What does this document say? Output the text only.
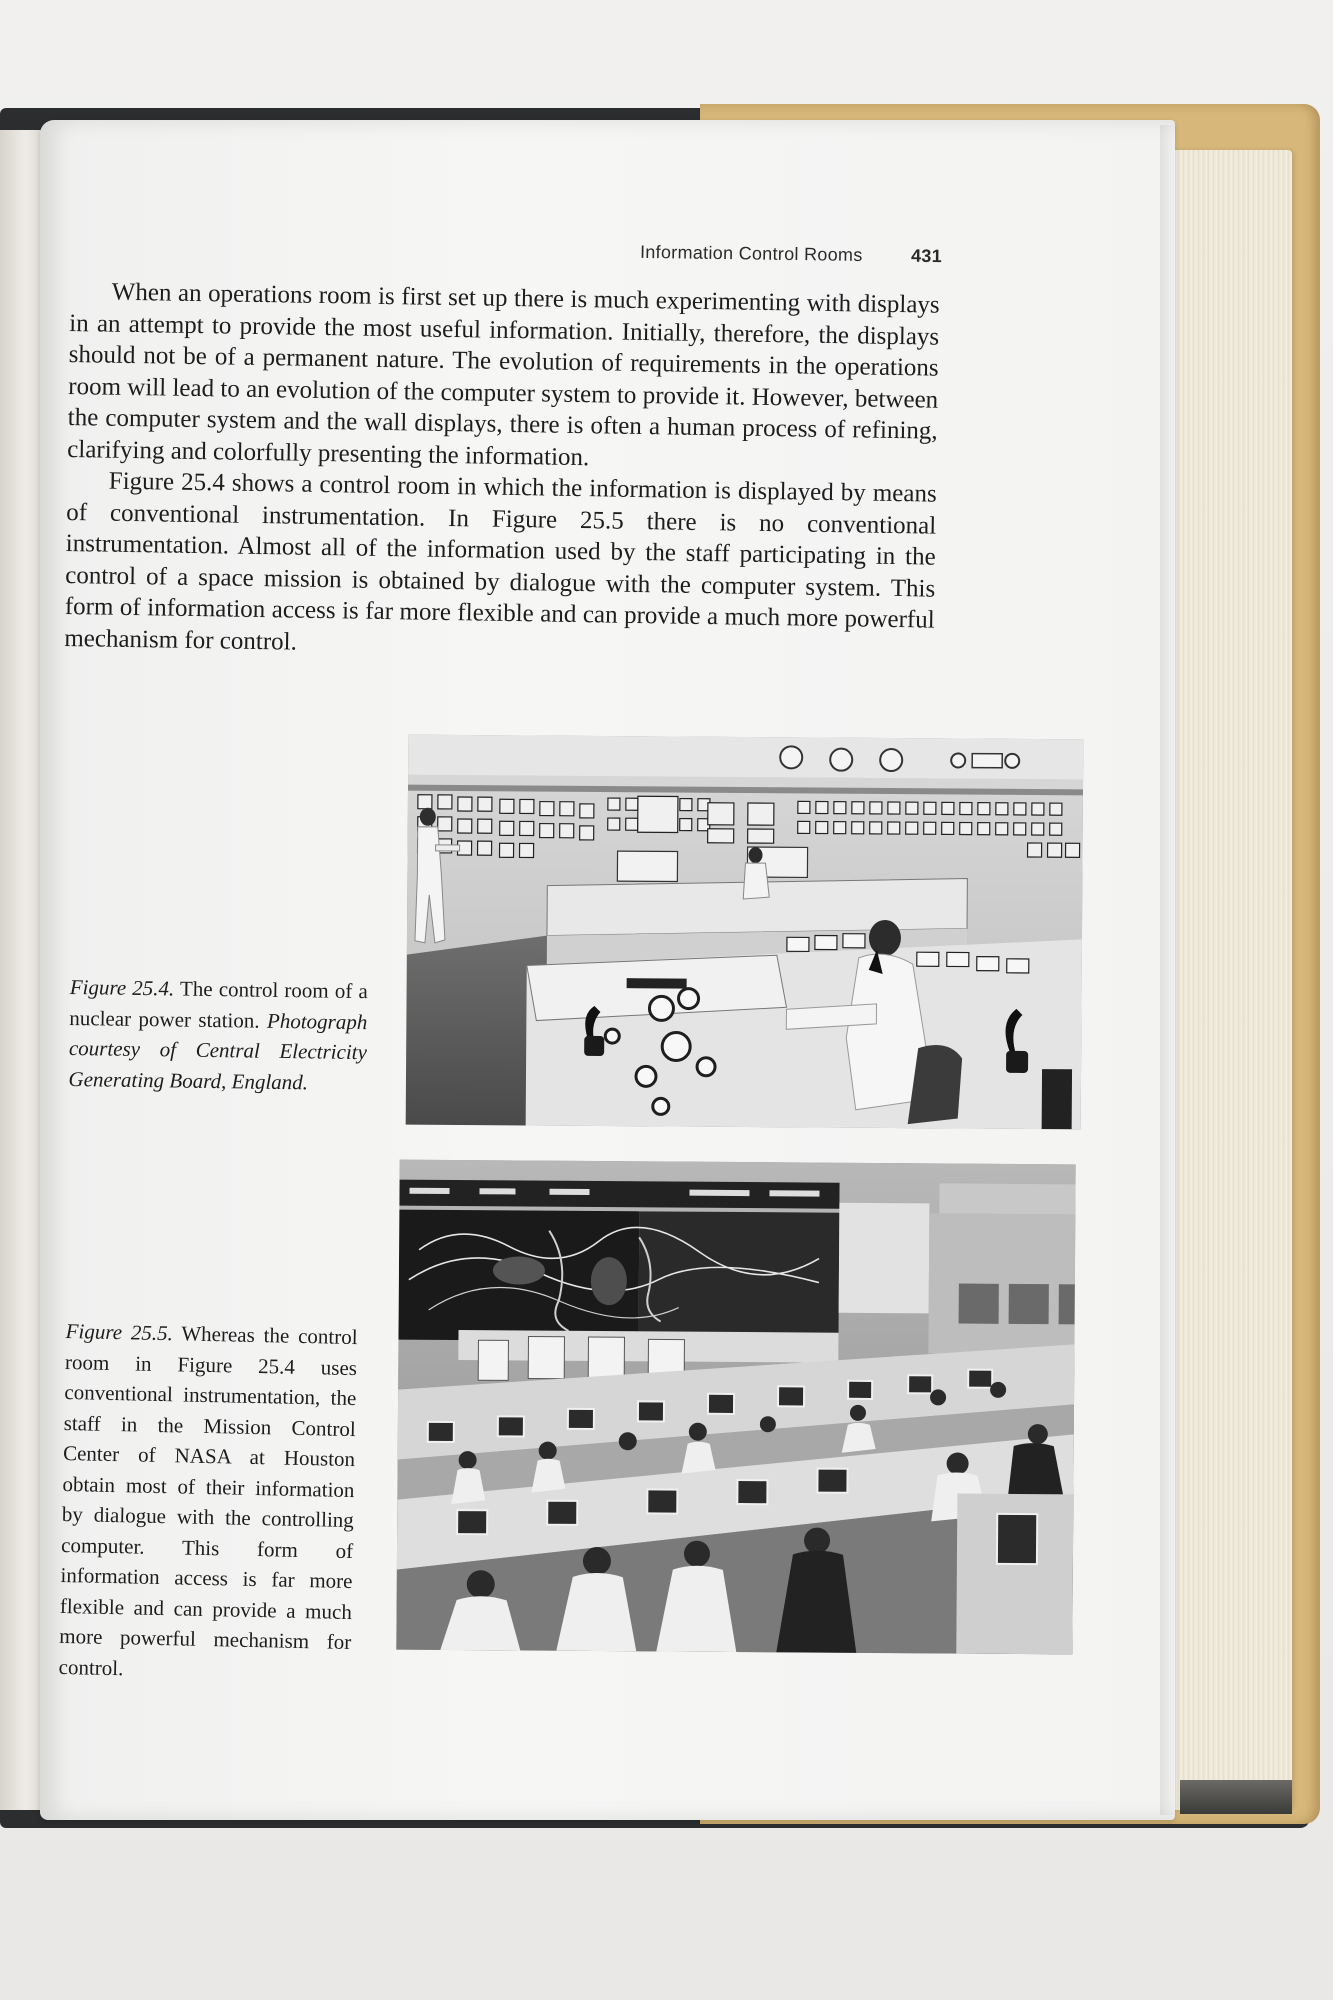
Information Control Rooms	431

When an operations room is first set up there is much experimenting with displays in an attempt to provide the most useful information. Initially, therefore, the displays should not be of a permanent nature. The evolution of requirements in the operations room will lead to an evolution of the computer system to provide it. However, between the computer system and the wall displays, there is often a human process of refining, clarifying and colorfully presenting the information.

Figure 25.4 shows a control room in which the information is displayed by means of conventional instrumentation. In Figure 25.5 there is no conventional instrumentation. Almost all of the information used by the staff participating in the control of a space mission is obtained by dialogue with the computer system. This form of information access is far more flexible and can provide a much more powerful mechanism for control.

Figure 25.4. The control room of a nuclear power station. Photograph courtesy of Central Electricity Generating Board, England.
Figure 25.5. Whereas the control room in Figure 25.4 uses conventional instrumentation, the staff in the Mission Control Center of NASA at Houston obtain most of their information by dialogue with the controlling computer. This form of information access is far more flexible and can provide a much more powerful mechanism for control.
